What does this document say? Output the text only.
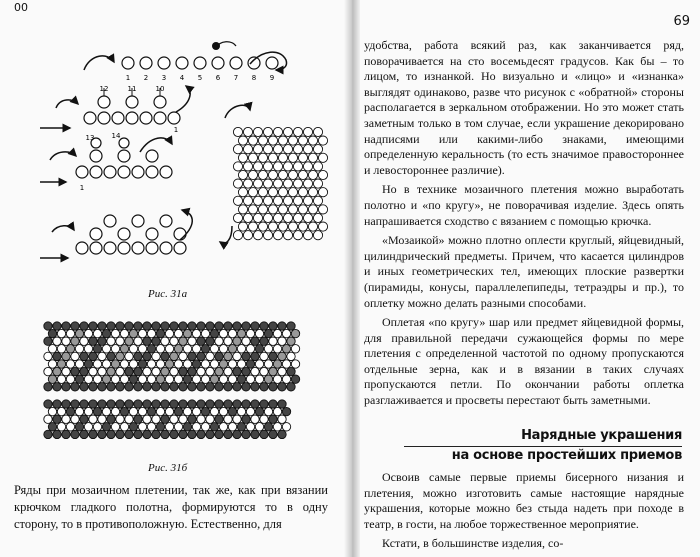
00
1 2 3 4 5 6 7 8 9
12	11	10
1
13 14
1
Рис. 31а
Рис. 31б
Ряды при мозаичном плетении, так же, как при вязании крючком гладкого полотна, формируются то в одну сторону, то в противоположную. Естественно, для
69

удобства, работа всякий раз, как заканчивается ряд, поворачивается на сто восемьдесят градусов. Как бы – то лицом, то изнанкой. Но визуально и «лицо» и «изнанка» выглядят одинаково, разве что рисунок с «обратной» стороны располагается в зеркальном отображении. Но это может стать заметным только в том случае, если украшение декорировано надписями или какими-либо знаками, имеющими определенную керальность (то есть значимое правостороннее и левостороннее различие).

Но в технике мозаичного плетения можно выработать полотно и «по кругу», не поворачивая изделие. Здесь опять напрашивается сходство с вязанием с помощью крючка.

«Мозаикой» можно плотно оплести круглый, яйцевидный, цилиндрический предметы. Причем, что касается цилиндров и иных геометрических тел, имеющих плоские развертки (пирамиды, конусы, параллелепипеды, тетраэдры и пр.), то оплетку можно делать разными способами.

Оплетая «по кругу» шар или предмет яйцевидной формы, для правильной передачи сужающейся формы по мере плетения с определенной частотой по одному пропускаются отдельные зерна, как и в вязании в таких случаях пропускаются петли. По окончании работы оплетка разглаживается и просветы перестают быть заметными.

Нарядные украшения
на основе простейших приемов

Освоив самые первые приемы бисерного низания и плетения, можно изготовить самые настоящие нарядные украшения, которые можно без стыда надеть при походе в театр, в гости, на любое торжественное мероприятие.

Кстати, в большинстве изделия, со-
